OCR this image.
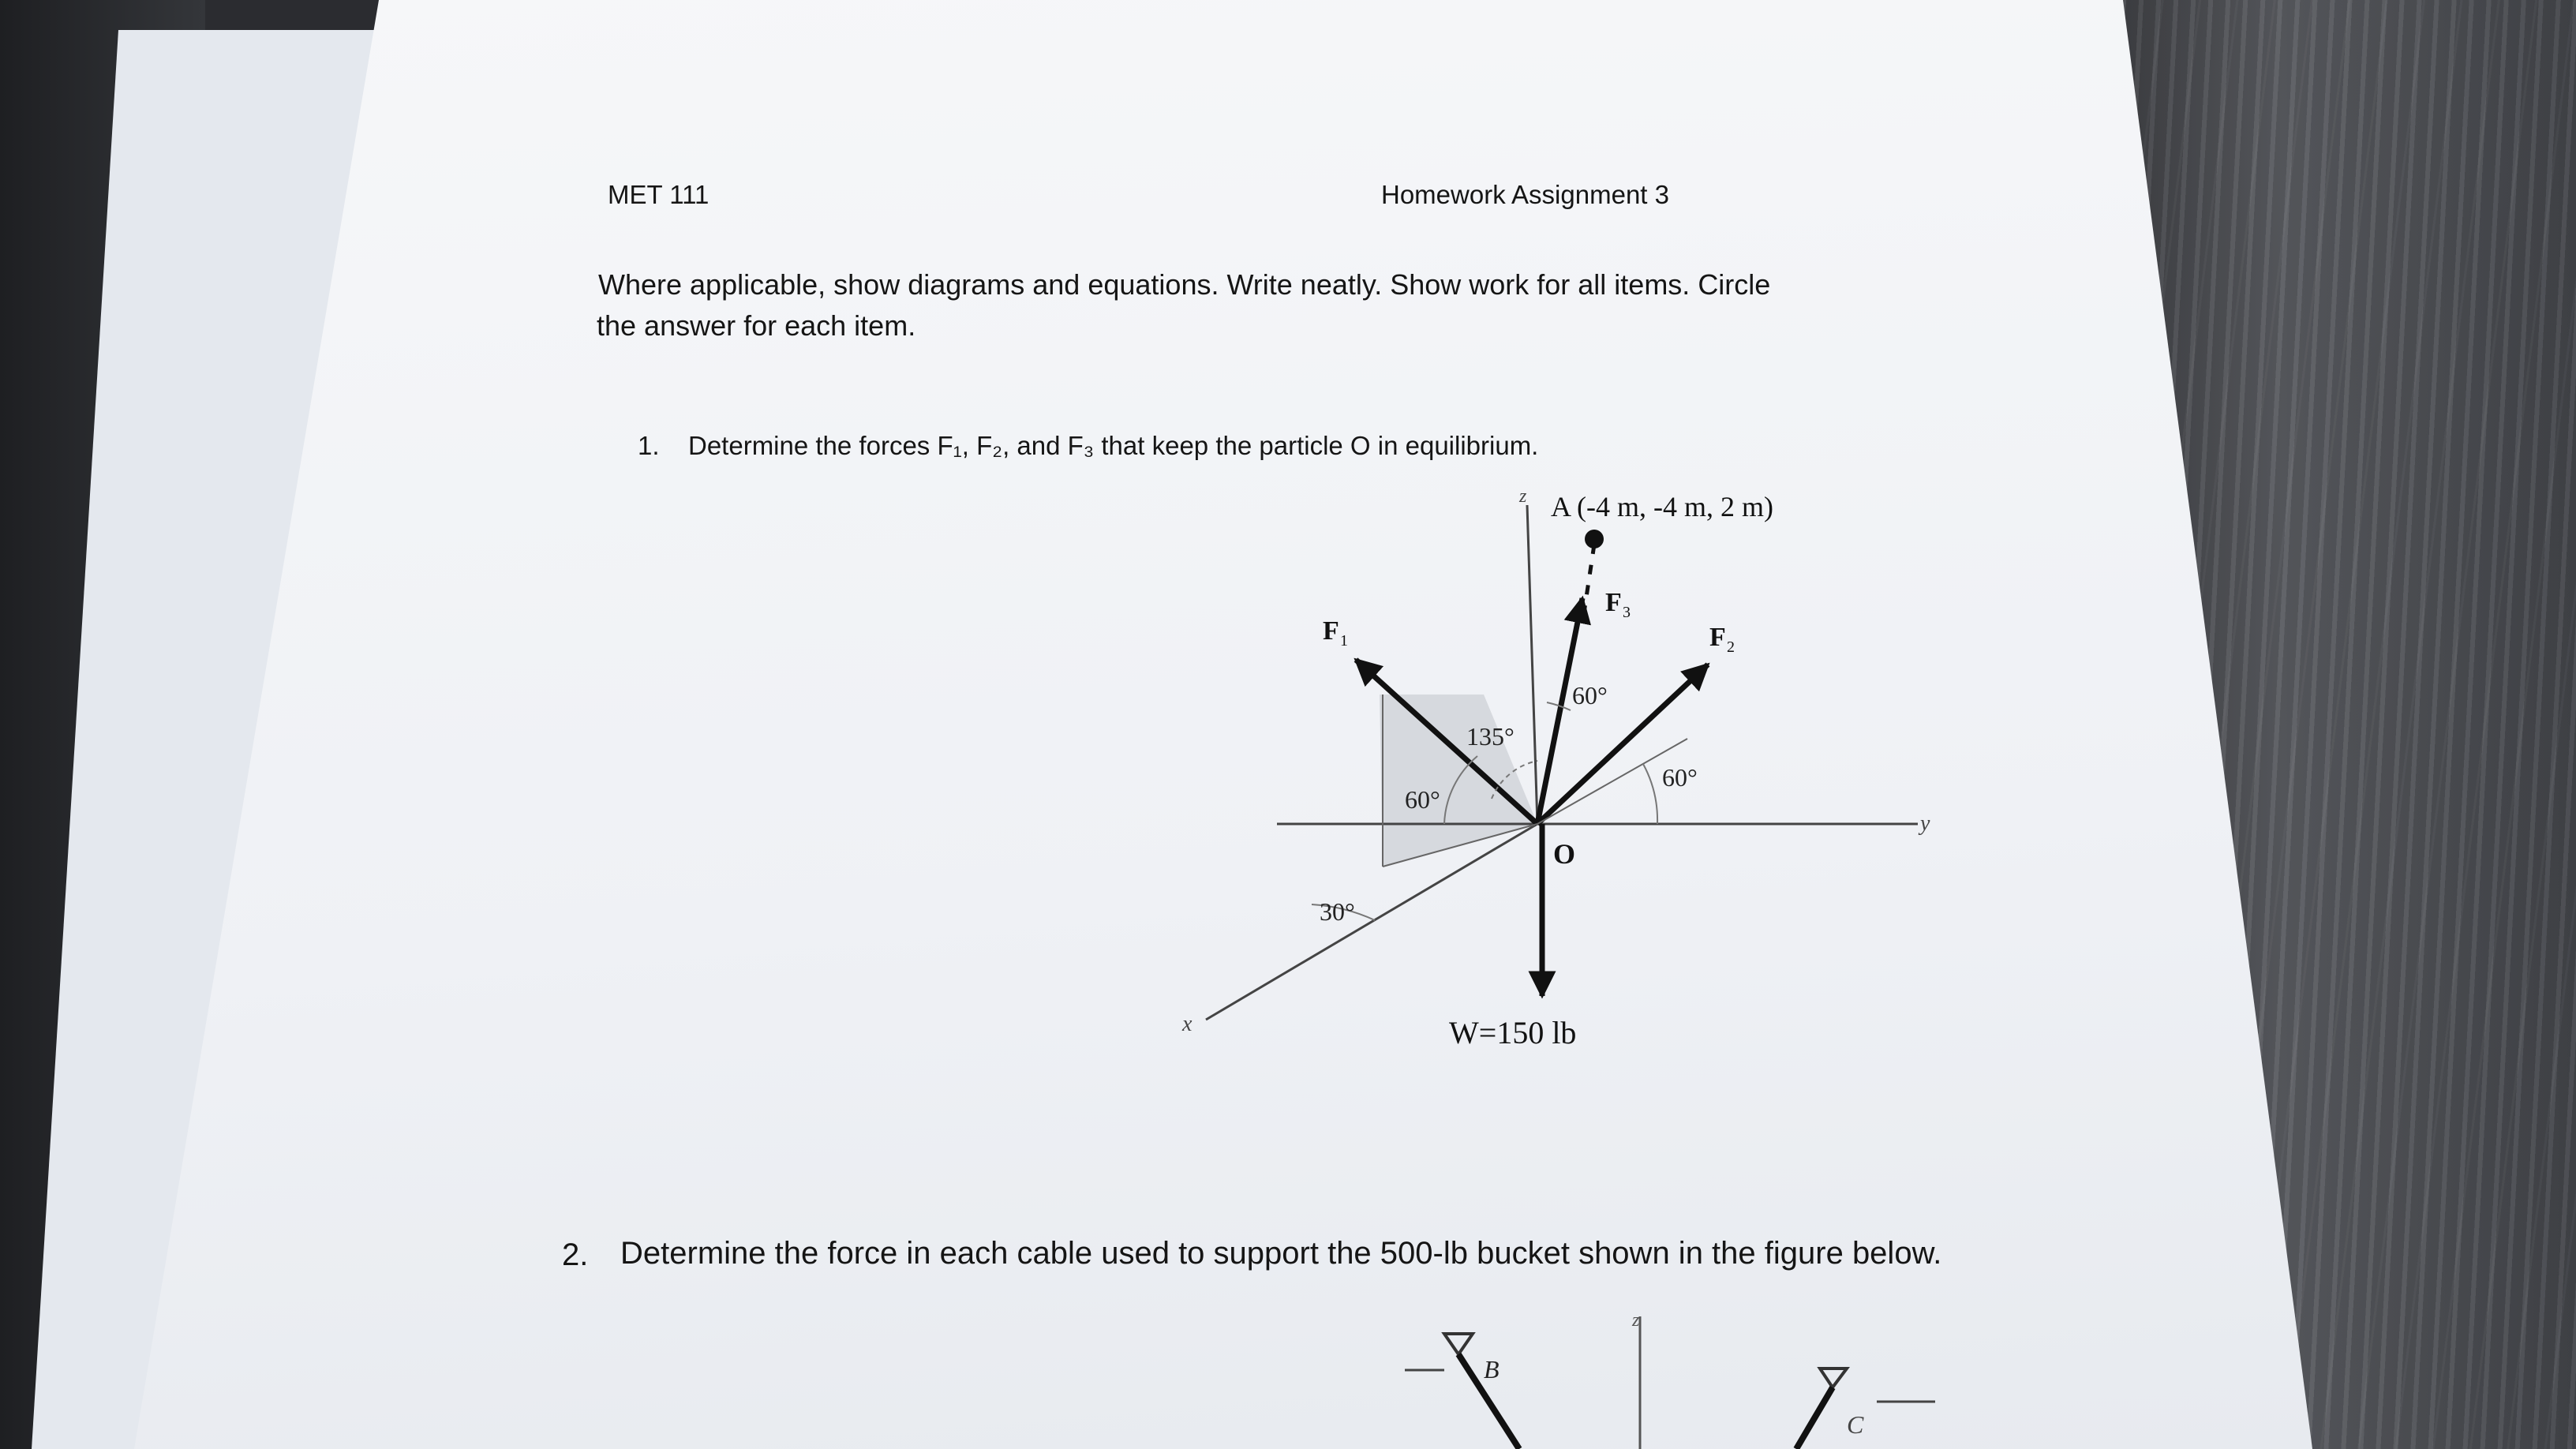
MET 111	Homework Assignment 3
Where applicable, show diagrams and equations. Write neatly. Show work for all items. Circle
the answer for each item.
1. Determine the forces F₁, F₂, and F₃ that keep the particle O in equilibrium.
z A (-4 m, -4 m, 2 m)
y
x
O
F 1	F 2
F 3
135°
60°
60°
60°
30°
W=150 lb
z
B
C
2. Determine the force in each cable used to support the 500-lb bucket shown in the figure below.
